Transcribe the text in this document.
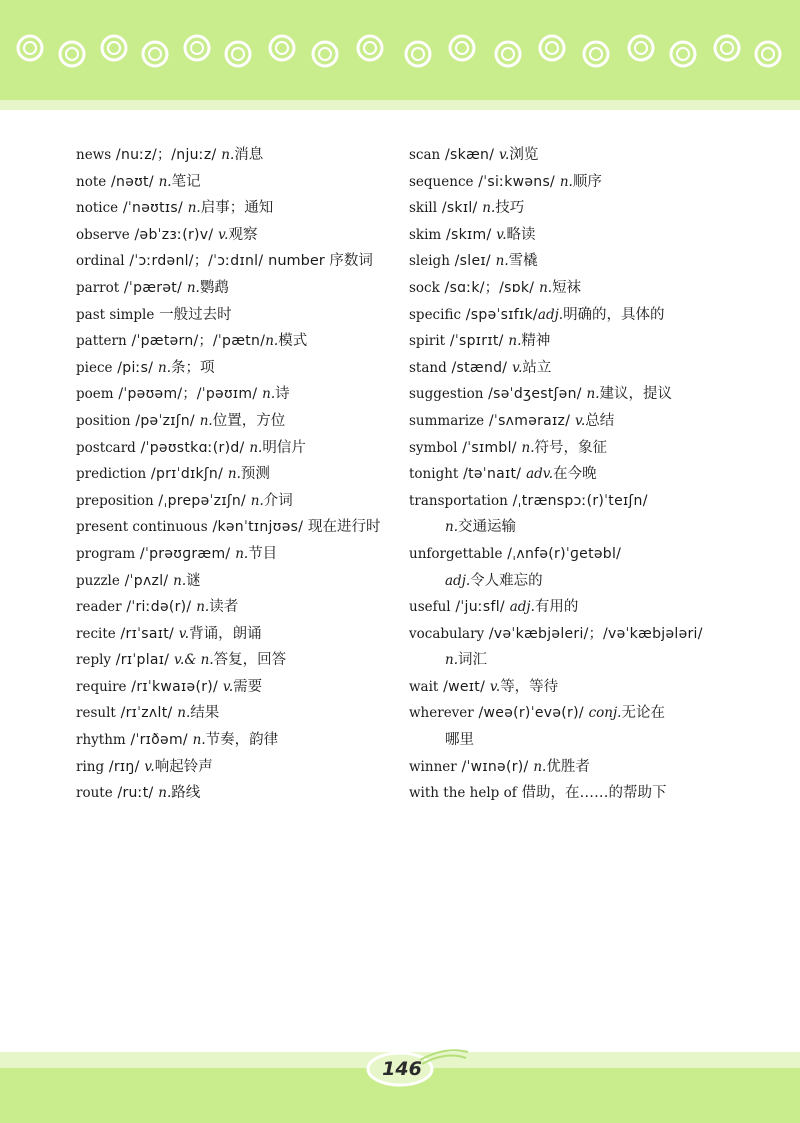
news /nuːz/；/njuːz/ n.消息
note /nəʊt/ n.笔记
notice /ˈnəʊtɪs/ n.启事；通知
observe /əbˈzɜː(r)v/ v.观察
ordinal /ˈɔːrdənl/；/ˈɔːdɪnl/ number 序数词
parrot /ˈpærət/ n.鹦鹉
past simple 一般过去时
pattern /ˈpætərn/；/ˈpætn/n.模式
piece /piːs/ n.条；项
poem /ˈpəʊəm/；/ˈpəʊɪm/ n.诗
position /pəˈzɪʃn/ n.位置，方位
postcard /ˈpəʊstkɑː(r)d/ n.明信片
prediction /prɪˈdɪkʃn/ n.预测
preposition /ˌprepəˈzɪʃn/ n.介词
present continuous /kənˈtɪnjʊəs/ 现在进行时
program /ˈprəʊɡræm/ n.节目
puzzle /ˈpʌzl/ n.谜
reader /ˈriːdə(r)/ n.读者
recite /rɪˈsaɪt/ v.背诵，朗诵
reply /rɪˈplaɪ/ v.& n.答复，回答
require /rɪˈkwaɪə(r)/ v.需要
result /rɪˈzʌlt/ n.结果
rhythm /ˈrɪðəm/ n.节奏，韵律
ring /rɪŋ/ v.响起铃声
route /ruːt/ n.路线
scan /skæn/ v.浏览
sequence /ˈsiːkwəns/ n.顺序
skill /skɪl/ n.技巧
skim /skɪm/ v.略读
sleigh /sleɪ/ n.雪橇
sock /sɑːk/；/sɒk/ n.短袜
specific /spəˈsɪfɪk/adj.明确的，具体的
spirit /ˈspɪrɪt/ n.精神
stand /stænd/ v.站立
suggestion /səˈdʒestʃən/ n.建议，提议
summarize /ˈsʌməraɪz/ v.总结
symbol /ˈsɪmbl/ n.符号，象征
tonight /təˈnaɪt/ adv.在今晚
transportation /ˌtrænspɔː(r)ˈteɪʃn/
n.交通运输
unforgettable /ˌʌnfə(r)ˈɡetəbl/
adj.令人难忘的
useful /ˈjuːsfl/ adj.有用的
vocabulary /vəˈkæbjəleri/；/vəˈkæbjələri/
n.词汇
wait /weɪt/ v.等，等待
wherever /weə(r)ˈevə(r)/ conj.无论在
哪里
winner /ˈwɪnə(r)/ n.优胜者
with the help of 借助，在……的帮助下
146
